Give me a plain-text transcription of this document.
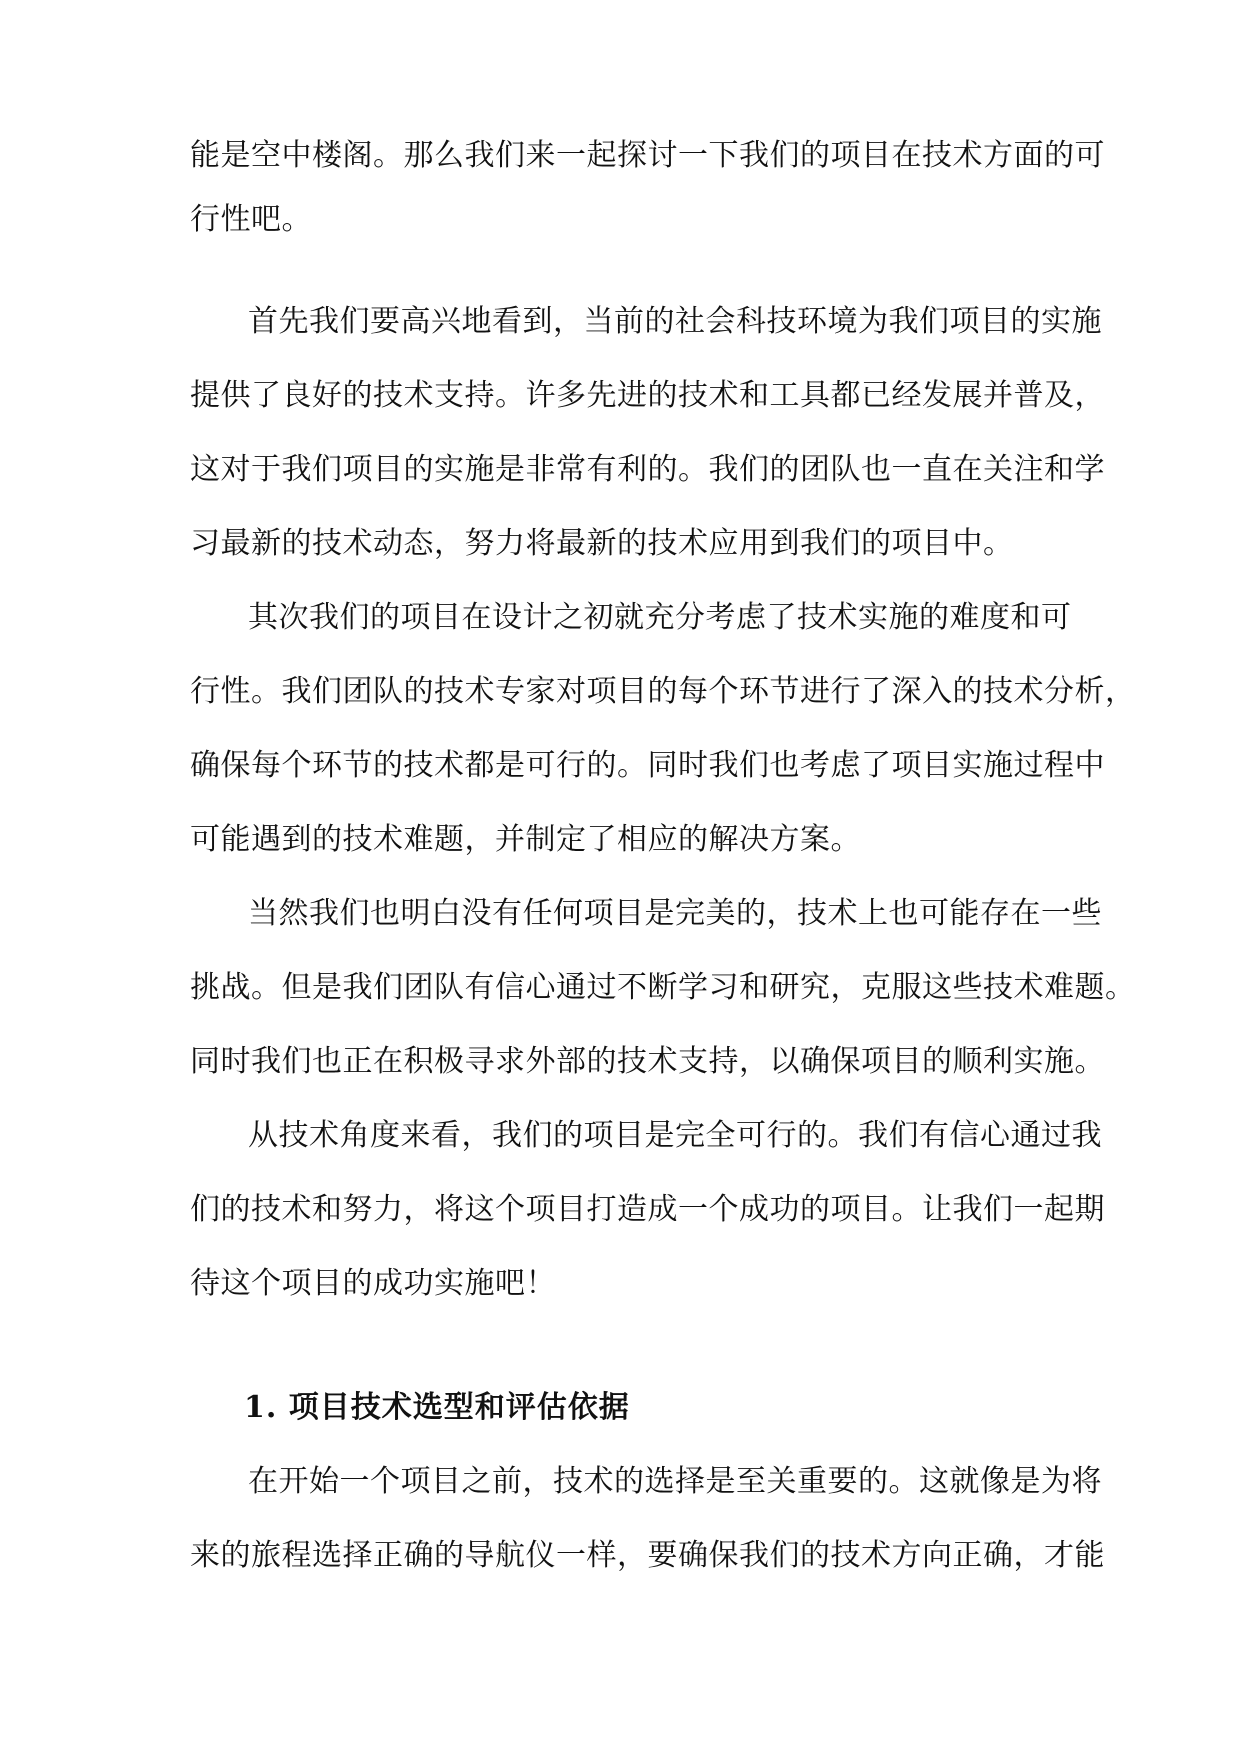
能是空中楼阁。那么我们来一起探讨一下我们的项目在技术方面的可
行性吧。
首先我们要高兴地看到，当前的社会科技环境为我们项目的实施
提供了良好的技术支持。许多先进的技术和工具都已经发展并普及，
这对于我们项目的实施是非常有利的。我们的团队也一直在关注和学
习最新的技术动态，努力将最新的技术应用到我们的项目中。
其次我们的项目在设计之初就充分考虑了技术实施的难度和可
行性。我们团队的技术专家对项目的每个环节进行了深入的技术分析，
确保每个环节的技术都是可行的。同时我们也考虑了项目实施过程中
可能遇到的技术难题，并制定了相应的解决方案。
当然我们也明白没有任何项目是完美的，技术上也可能存在一些
挑战。但是我们团队有信心通过不断学习和研究，克服这些技术难题。
同时我们也正在积极寻求外部的技术支持，以确保项目的顺利实施。
从技术角度来看，我们的项目是完全可行的。我们有信心通过我
们的技术和努力，将这个项目打造成一个成功的项目。让我们一起期
待这个项目的成功实施吧！
1. 项目技术选型和评估依据
在开始一个项目之前，技术的选择是至关重要的。这就像是为将
来的旅程选择正确的导航仪一样，要确保我们的技术方向正确，才能
